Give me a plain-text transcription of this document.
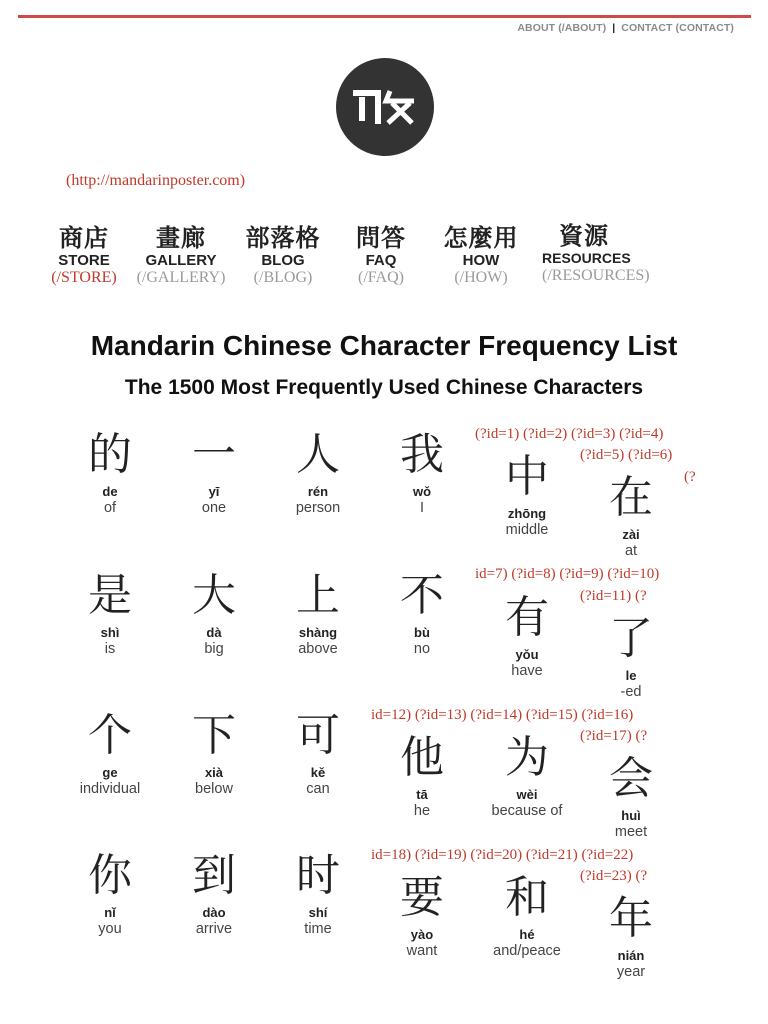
ABOUT (/ABOUT) | CONTACT (CONTACT)
(http://mandarinposter.com)
商店
STORE
(/STORE)
畫廊
GALLERY
(/GALLERY)
部落格
BLOG
(/BLOG)
問答
FAQ
(/FAQ)
怎麼用
HOW
(/HOW)
資源
RESOURCES
(/RESOURCES)
Mandarin Chinese Character Frequency List
The 1500 Most Frequently Used Chinese Characters
的
de
of
一
yī
one
人
rén
person
我
wǒ
I
中
zhōng
middle
在
zài
at
是
shì
is
大
dà
big
上
shàng
above
不
bù
no
有
yǒu
have
了
le
-ed
个
ge
individual
下
xià
below
可
kě
can
他
tā
he
为
wèi
because of
会
huì
meet
你
nǐ
you
到
dào
arrive
时
shí
time
要
yào
want
和
hé
and/peace
年
nián
year
(?id=1) (?id=2) (?id=3) (?id=4)
(?id=5) (?id=6)
(?
id=7) (?id=8) (?id=9) (?id=10)
(?id=11) (?
id=12) (?id=13) (?id=14) (?id=15) (?id=16)
(?id=17) (?
id=18) (?id=19) (?id=20) (?id=21) (?id=22)
(?id=23) (?
